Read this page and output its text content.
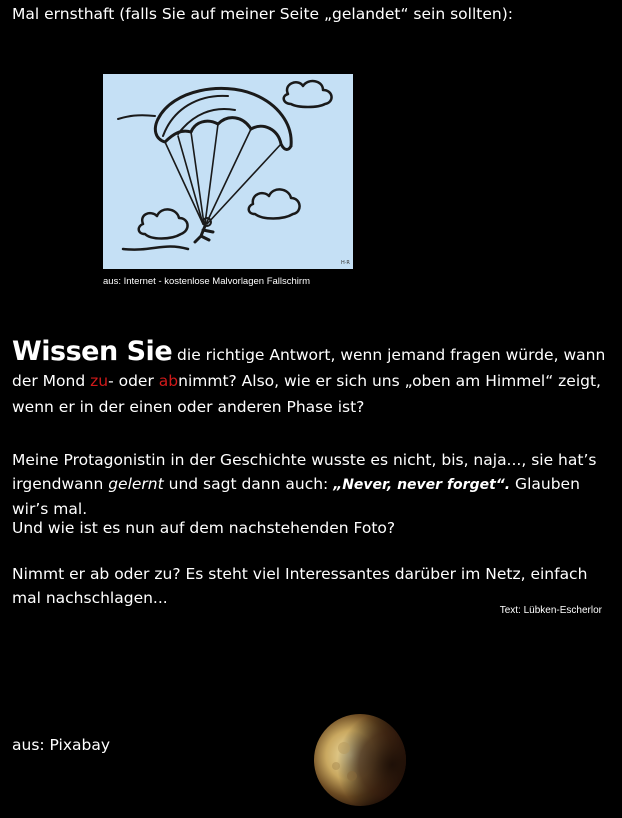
Mal ernsthaft (falls Sie auf meiner Seite „gelandet“ sein sollten):
H·R
aus: Internet - kostenlose Malvorlagen Fallschirm
Wissen Sie die richtige Antwort, wenn jemand fragen würde, wann der Mond zu- oder abnimmt? Also, wie er sich uns „oben am Himmel“ zeigt, wenn er in der einen oder anderen Phase ist?
Meine Protagonistin in der Geschichte wusste es nicht, bis, naja..., sie hat’s irgendwann gelernt und sagt dann auch: „Never, never forget“. Glauben wir’s mal.
Und wie ist es nun auf dem nachstehenden Foto?
Nimmt er ab oder zu? Es steht viel Interessantes darüber im Netz, einfach mal nachschlagen...
Text: Lübken-Escherlor
aus: Pixabay
